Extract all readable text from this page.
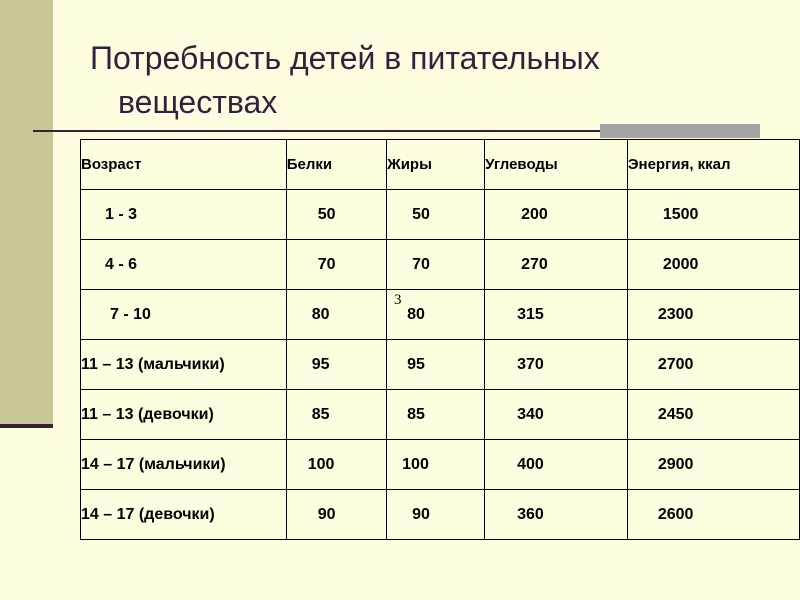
Потребность детей в питательных
веществах
Возраст	Белки	Жиры	Углеводы	Энергия, ккал
1 - 3	50	50	200	1500
4 - 6	70	70	270	2000
7 - 10	80	80	315	2300
11 – 13 (мальчики)	95	95	370	2700
11 – 13 (девочки)	85	85	340	2450
14 – 17 (мальчики)	100	100	400	2900
14 – 17 (девочки)	90	90	360	2600
3
